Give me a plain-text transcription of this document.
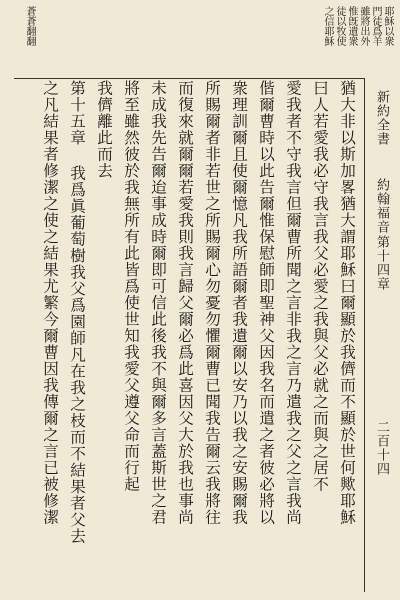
新約全書
約翰福音
第十四章
二百十四
耶穌以衆
門徒爲羊
雖將出外
惟旣遺衆
徒以牧使
之信耶穌
蒼蒼翻翻
猶大非以斯加畧猶大謂耶穌曰爾顯於我儕而不顯於世何歟耶穌
曰人若愛我必守我言我父必愛之我與父必就之而與之居不
愛我者不守我言但爾曹所聞之言非我之言乃遣我之父之言我尚
偕爾曹時以此告爾惟保慰師即聖神父因我名而遣之者彼必將以
衆理訓爾且使爾憶凡我所語爾者我遺爾以安乃以我之安賜爾我
所賜爾者非若世之所賜爾心勿憂勿懼爾曹已聞我告爾云我將往
而復來就爾爾若愛我則我言歸父爾必爲此喜因父大於我也事尚
未成我先告爾迨事成時爾即可信此後我不與爾多言蓋斯世之君
將至雖然彼於我無所有此皆爲使世知我愛父遵父命而行起
我儕離此而去
第十五章 我爲眞葡萄樹我父爲園師凡在我之枝而不結果者父去
之凡結果者修潔之使之結果尤繁今爾曹因我傳爾之言已被修潔
